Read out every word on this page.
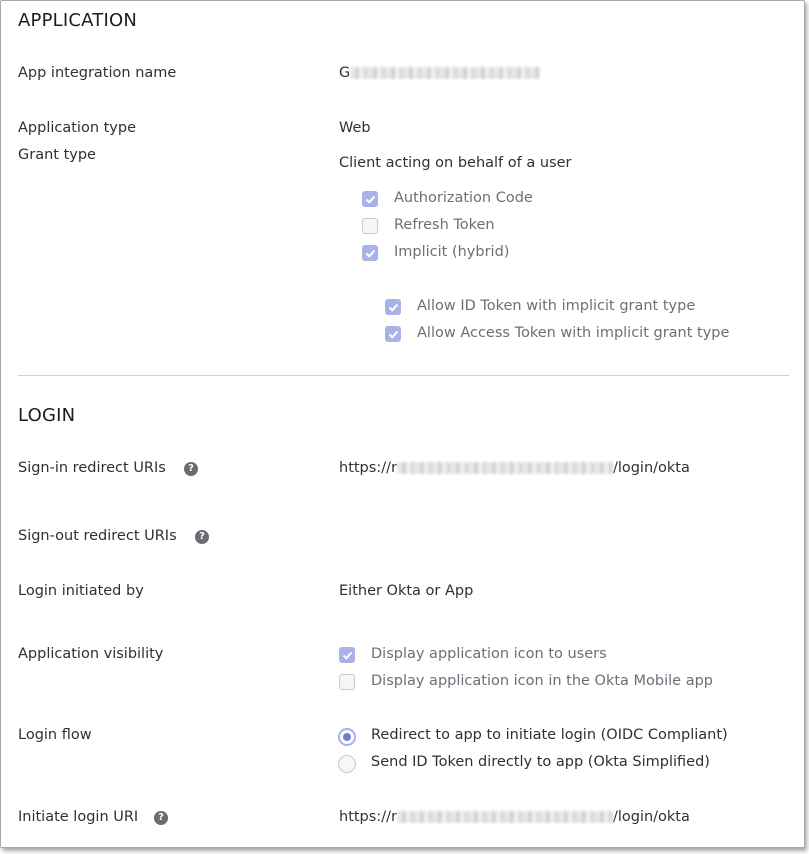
APPLICATION
App integration name	G
Application type	Web
Grant type	Client acting on behalf of a user
Authorization Code
Refresh Token
Implicit (hybrid)
Allow ID Token with implicit grant type
Allow Access Token with implicit grant type
LOGIN
Sign-in redirect URIs	?	https://r	/login/okta
Sign-out redirect URIs	?
Login initiated by	Either Okta or App
Application visibility	Display application icon to users
Display application icon in the Okta Mobile app
Login flow	Redirect to app to initiate login (OIDC Compliant)
Send ID Token directly to app (Okta Simplified)
Initiate login URI	?	https://r	/login/okta
